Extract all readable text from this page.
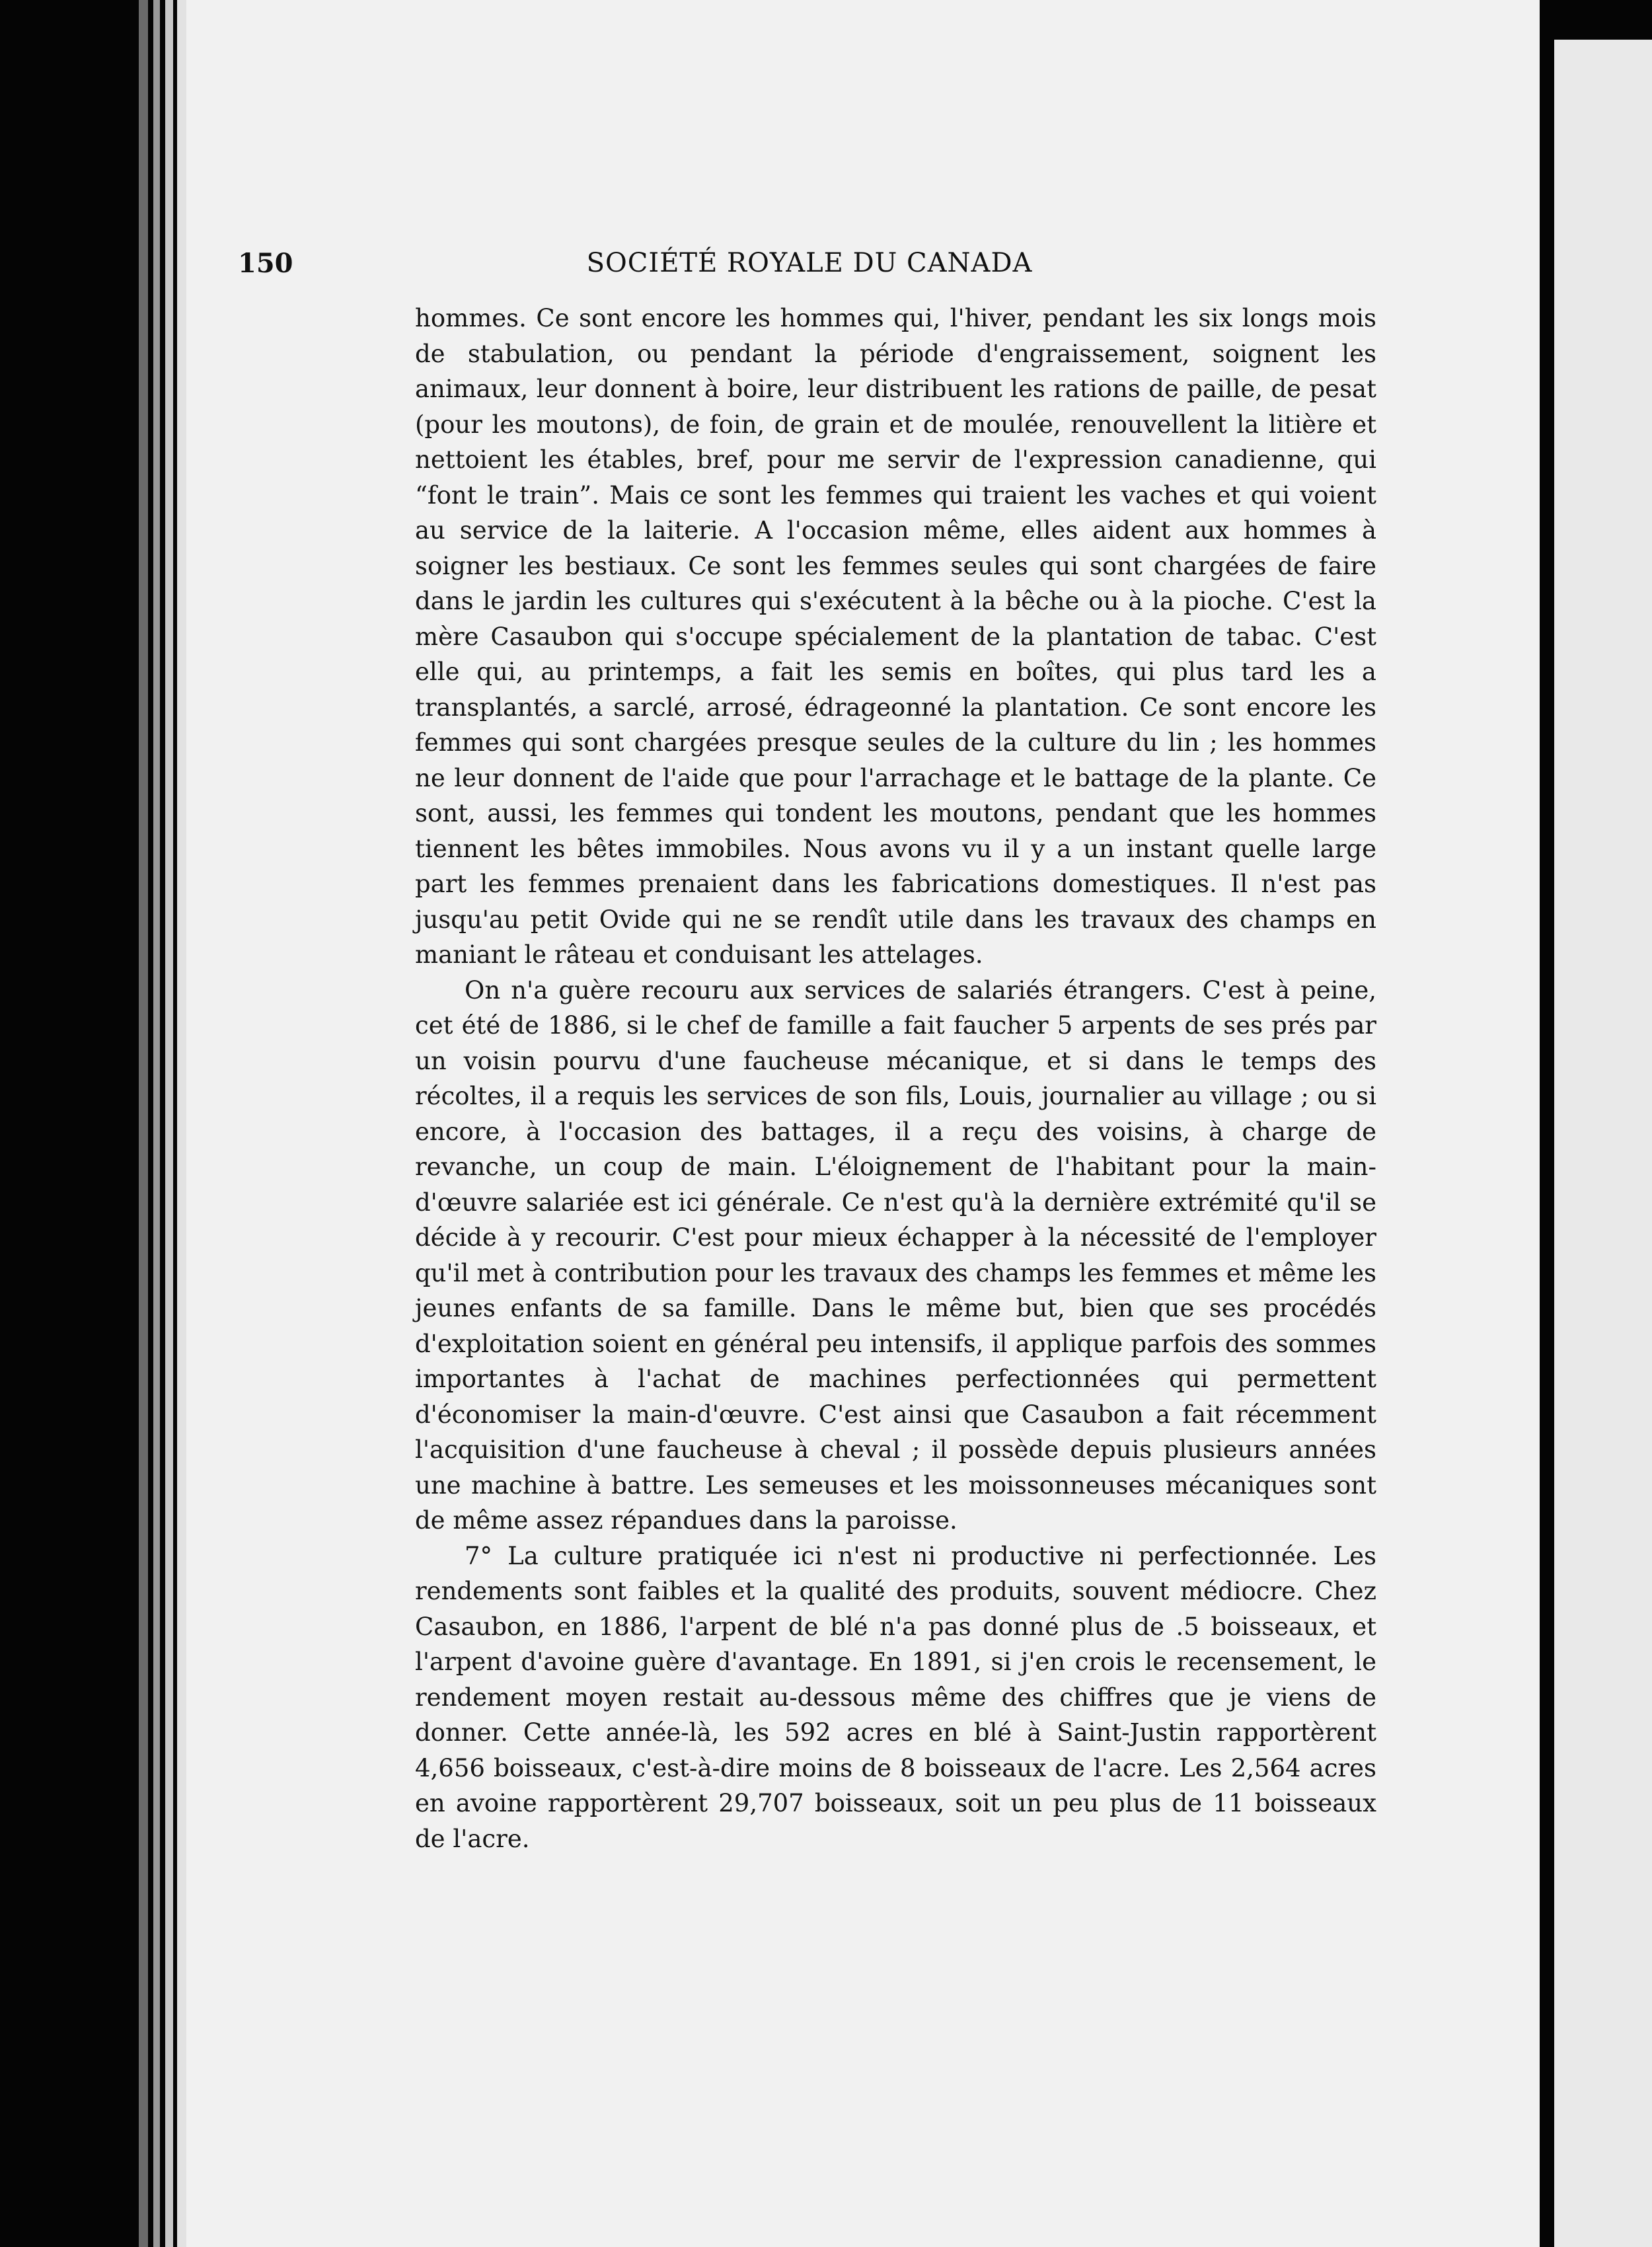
150	SOCIÉTÉ ROYALE DU CANADA

hommes. Ce sont encore les hommes qui, l'hiver, pendant les six longs mois de stabulation, ou pendant la période d'engraissement, soignent les animaux, leur donnent à boire, leur distribuent les rations de paille, de pesat (pour les moutons), de foin, de grain et de moulée, renouvellent la litière et nettoient les étables, bref, pour me servir de l'expression canadienne, qui “font le train”. Mais ce sont les femmes qui traient les vaches et qui voient au service de la laiterie. A l'occasion même, elles aident aux hommes à soigner les bestiaux. Ce sont les femmes seules qui sont chargées de faire dans le jardin les cultures qui s'exécutent à la bêche ou à la pioche. C'est la mère Casaubon qui s'occupe spécialement de la plantation de tabac. C'est elle qui, au printemps, a fait les semis en boîtes, qui plus tard les a transplantés, a sarclé, arrosé, édrageonné la plantation. Ce sont encore les femmes qui sont chargées presque seules de la culture du lin ; les hommes ne leur donnent de l'aide que pour l'arrachage et le battage de la plante. Ce sont, aussi, les femmes qui tondent les moutons, pendant que les hommes tiennent les bêtes immobiles. Nous avons vu il y a un instant quelle large part les femmes prenaient dans les fabrications domestiques. Il n'est pas jusqu'au petit Ovide qui ne se rendît utile dans les travaux des champs en maniant le râteau et conduisant les attelages.

On n'a guère recouru aux services de salariés étrangers. C'est à peine, cet été de 1886, si le chef de famille a fait faucher 5 arpents de ses prés par un voisin pourvu d'une faucheuse mécanique, et si dans le temps des récoltes, il a requis les services de son fils, Louis, journalier au village ; ou si encore, à l'occasion des battages, il a reçu des voisins, à charge de revanche, un coup de main. L'éloignement de l'habitant pour la main-d'œuvre salariée est ici générale. Ce n'est qu'à la dernière extrémité qu'il se décide à y recourir. C'est pour mieux échapper à la nécessité de l'employer qu'il met à contribution pour les travaux des champs les femmes et même les jeunes enfants de sa famille. Dans le même but, bien que ses procédés d'exploitation soient en général peu intensifs, il applique parfois des sommes importantes à l'achat de machines perfectionnées qui permettent d'économiser la main-d'œuvre. C'est ainsi que Casaubon a fait récemment l'acquisition d'une faucheuse à cheval ; il possède depuis plusieurs années une machine à battre. Les semeuses et les moissonneuses mécaniques sont de même assez répandues dans la paroisse.

7° La culture pratiquée ici n'est ni productive ni perfectionnée. Les rendements sont faibles et la qualité des produits, souvent médiocre. Chez Casaubon, en 1886, l'arpent de blé n'a pas donné plus de .5 boisseaux, et l'arpent d'avoine guère d'avantage. En 1891, si j'en crois le recensement, le rendement moyen restait au-dessous même des chiffres que je viens de donner. Cette année-là, les 592 acres en blé à Saint-Justin rapportèrent 4,656 boisseaux, c'est-à-dire moins de 8 boisseaux de l'acre. Les 2,564 acres en avoine rapportèrent 29,707 boisseaux, soit un peu plus de 11 boisseaux de l'acre.
